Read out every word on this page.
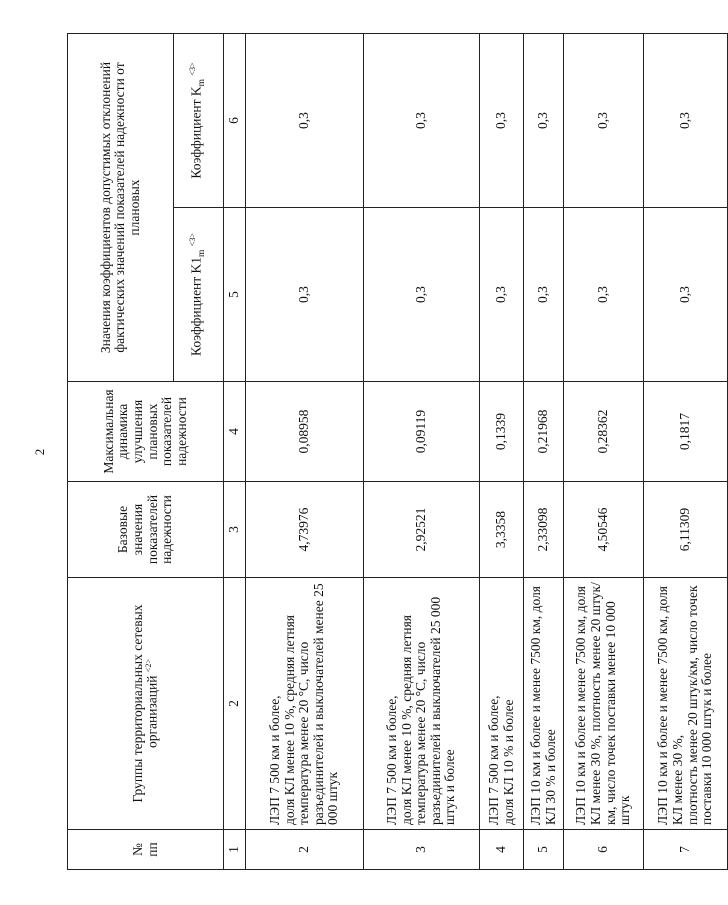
2
№
пп	Группы территориальных сетевых организаций $^{<2>}$	Базовые значения показателей надежности	Максимальная динамика улучшения плановых показателей надежности	Значения коэффициентов допустимых отклонений фактических значений показателей надежности от плановых	
				Коэффициент $K1_m$ $^{<3>}$	Коэффициент $K_m$ $^{<3>}$
1	2	3	4	5	6
2	ЛЭП 7 500 км и более,
доля КЛ менее 10 %, средняя летняя температура менее 20 °С, число разъединителей и выключателей менее 25 000 штук	4,73976	0,08958	0,3	0,3
3	ЛЭП 7 500 км и более,
доля КЛ менее 10 %, средняя летняя температура менее 20 °С, число разъединителей и выключателей 25 000 штук и более	2,92521	0,09119	0,3	0,3
4	ЛЭП 7 500 км и более,
доля КЛ 10 % и более	3,3358	0,1339	0,3	0,3
5	ЛЭП 10 км и более и менее 7500 км, доля КЛ 30 % и более	2,33098	0,21968	0,3	0,3
6	ЛЭП 10 км и более и менее 7500 км, доля КЛ менее 30 %, плотность менее 20 штук/км, число точек поставки менее 10 000 штук	4,50546	0,28362	0,3	0,3
7	ЛЭП 10 км и более и менее 7500 км, доля КЛ менее 30 %,
плотность менее 20 штук/км, число точек поставки 10 000 штук и более	6,11309	0,1817	0,3	0,3
